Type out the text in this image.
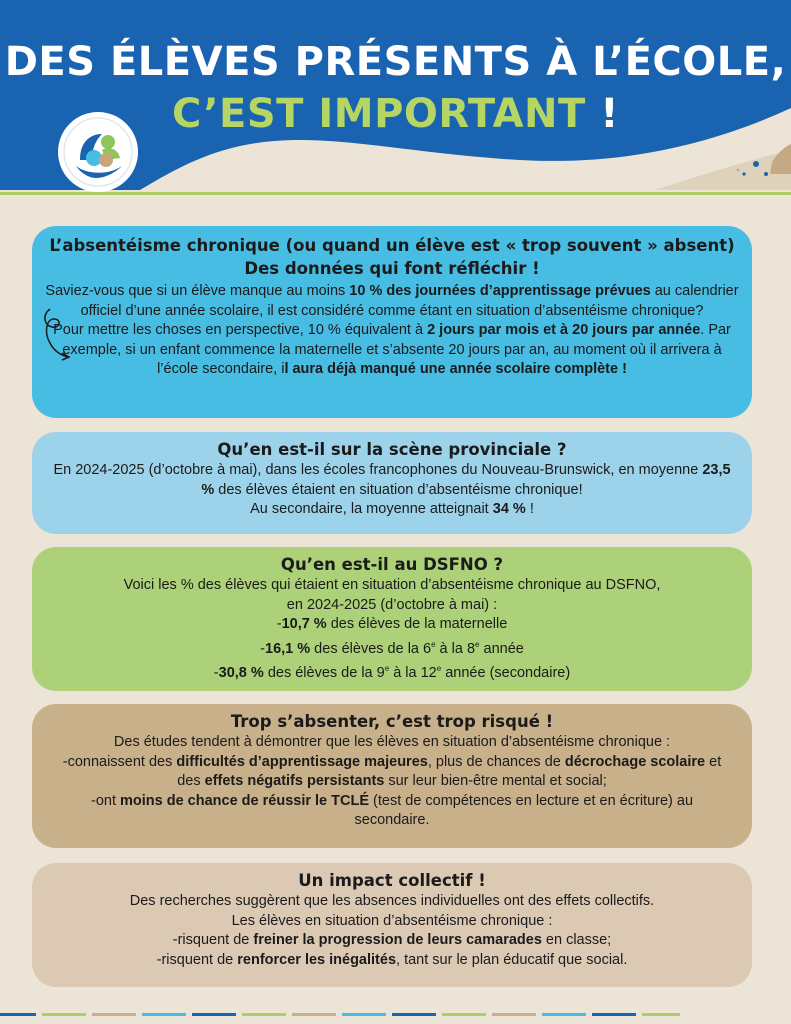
DES ÉLÈVES PRÉSENTS À L’ÉCOLE,
C’EST IMPORTANT !
L’absentéisme chronique (ou quand un élève est « trop souvent » absent)
Des données qui font réfléchir !

Saviez-vous que si un élève manque au moins 10 % des journées d’apprentissage prévues au calendrier officiel d’une année scolaire, il est considéré comme étant en situation d’absentéisme chronique?

Pour mettre les choses en perspective, 10 % équivalent à 2 jours par mois et à 20 jours par année. Par exemple, si un enfant commence la maternelle et s’absente 20 jours par an, au moment où il arrivera à l’école secondaire, il aura déjà manqué une année scolaire complète !

Qu’en est-il sur la scène provinciale ?

En 2024-2025 (d’octobre à mai), dans les écoles francophones du Nouveau-Brunswick, en moyenne 23,5 % des élèves étaient en situation d’absentéisme chronique!

Au secondaire, la moyenne atteignait 34 % !

Qu’en est-il au DSFNO ?

Voici les % des élèves qui étaient en situation d’absentéisme chronique au DSFNO,

en 2024-2025 (d’octobre à mai) :

-10,7 % des élèves de la maternelle

-16,1 % des élèves de la 6e à la 8e année

-30,8 % des élèves de la 9e à la 12e année (secondaire)

Trop s’absenter, c’est trop risqué !

Des études tendent à démontrer que les élèves en situation d’absentéisme chronique :

-connaissent des difficultés d’apprentissage majeures, plus de chances de décrochage scolaire et des effets négatifs persistants sur leur bien-être mental et social;

-ont moins de chance de réussir le TCLÉ (test de compétences en lecture et en écriture) au secondaire.

Un impact collectif !

Des recherches suggèrent que les absences individuelles ont des effets collectifs.

Les élèves en situation d’absentéisme chronique :

-risquent de freiner la progression de leurs camarades en classe;

-risquent de renforcer les inégalités, tant sur le plan éducatif que social.
